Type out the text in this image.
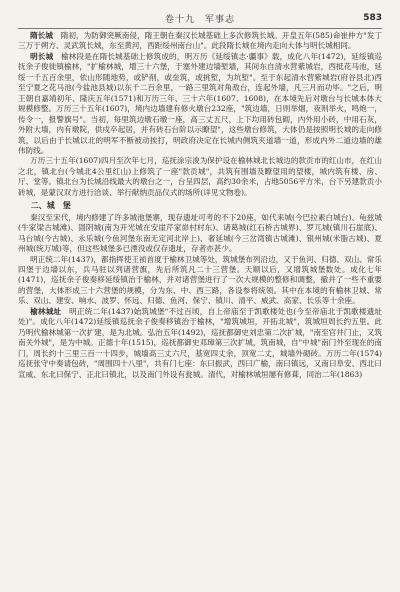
卷十九　军事志	583

隋长城　 隋初，为防御突厥南侵，隋王朝在秦汉长城基础上多次修筑长城。开皇五年(585)命崔仲方"发丁三万于朔方、灵武筑长城，东至黄河，西距绥州南台山"。此段隋长城在境内走向大体与明长城相同。

明长城　 榆林段是在隋长城基础上修筑成的，明万历《延绥镇志·疆事》载，成化八年(1472)，延绥镇巡抚余子俊徙镇榆林，"扩榆林城，增三十六堡，于塞外建边墙堑墙，其间东自清水营紫城岩，西抵花马池，延绥一千五百余里，依山形随地势，或铲削，或垒筑，或挑堑，为坑堑"。至于东起清水营紫城岩(府谷县北)西至宁夏之花马池(今盐池县城)以东千二百余里，一路三里筑对角敌台，连起外墙，凡三月而功毕。"之后，明王朝自嘉靖初年、隆庆五年(1571)和万历三年、三十六年(1607、1608)，在本境先后对墩台与长城本体大规模修整。万历三十五年(1607)，境内边墙建有修火墩台232座，"筑边墙，日则举烟，夜则举火，鸣炮一，传令一，报警旗号"。当初，每里筑边墩石墩一座，高三丈五尺，上下均用砖包砌，内外用小砖，中用石灰，外附大墙，内有墩院，供戍卒起居，并有砖石台阶以示瞭望"，这些墩台修筑，大体仍是按照明长城的走向修筑，以后由于长城以北的明军不断被动挨打，明政府决定在长城内侧筑夹道墙一道，形成内外二道边墙的雄伟防线。

万历三十五年(1607)四月至次年七月，巡抚涂宗浚为保护设在榆林城北长城边的款贡市的红山市，在红山之北，镇北台(今城北4公里红山)上修筑了一座"款贡城"，共筑有围墙及瞭望用的望楼，城内筑有楼、房、厅、堂等。镇北台为长城沿线最大的墩台之一，台呈四层，高约30余米，占地5056平方米，台下另建款贡小砖城，是蒙汉双方进行洽谈、举行献纳贡品仪式的场所(详见文物卷)。

二、城　堡

秦汉至宋代，境内修建了许多城池堡寨，现存遗址可考的不下20座，如代来城(今巴拉素白城台)、龟兹城(牛家梁古城滩)、圁阴城(南为开光城在安崖芹家峁村村东)、诸葛城(红石桥古城界)、罗兀城(镇川石崖底)、马台城(今古城)、永乐城(今鱼河堡东南无定河北岸上)、奢延城(今三岔湾镇古城滩)、银州城(米脂古城)、夏州城(统万城)等，但这些城堡多已湮没或仅存遗址，存者亦甚少。

明正统二年(1437)，都指挥使王祯首度于榆林卫城等处，筑城堡布列沿边，又于鱼河、归德、双山、常乐四堡于边墙以东，兵马驻以列诸营旗，先后所筑凡二十三营堡。天顺以后，又增筑城堡数处。成化七年(1471)，巡抚余子俊奏移延绥镇治于榆林，并对诸营堡进行了一次大规模的整修和调整，撤并了一些不重要的营堡，大体形成三十六营堡的规模，分为东、中、西三路，各设参将统领。其中在本境的有榆林卫城、常乐、双山、建安、响水、波罗、怀远、归德、鱼河、保宁、镇川、清平、威武、高家、长乐等十余座。

榆林城址　 明正统二年(1437)始筑城堡"不过百顷，自上帝庙至于凯歌楼处也(今至帝庙北于凯歌楼遗址处)"。成化八年(1472)延绥镇巡抚余子俊奏移镇治于榆林，"增筑城垣，开拓北城"，筑城垣周长约五里。此乃明代榆林城第一次扩建，是为北城。弘治五年(1492)，巡抚都御史刘忠第二次扩城，"南至官井门止，又筑南关外城"，是为中城。正德十年(1515)，巡抚都御史邓璋第三次扩城，筑南城，自"中城"南门外至现在的南门，周长约十三里三百一十四步，城墙高三丈六尺，基宽四丈余，顶宽二丈，城墙外砌砖。万历二年(1574)巡抚张守中奏请包砖，"周围四十八里"，共有门七座：东曰振武，西曰广榆，南曰镇远，又南曰阜安、西北曰宣威、东北曰保宁、正北曰镇北，以及南门外设有瓮城。清代，对榆林城垣屡有修葺，同治二年(1863)
